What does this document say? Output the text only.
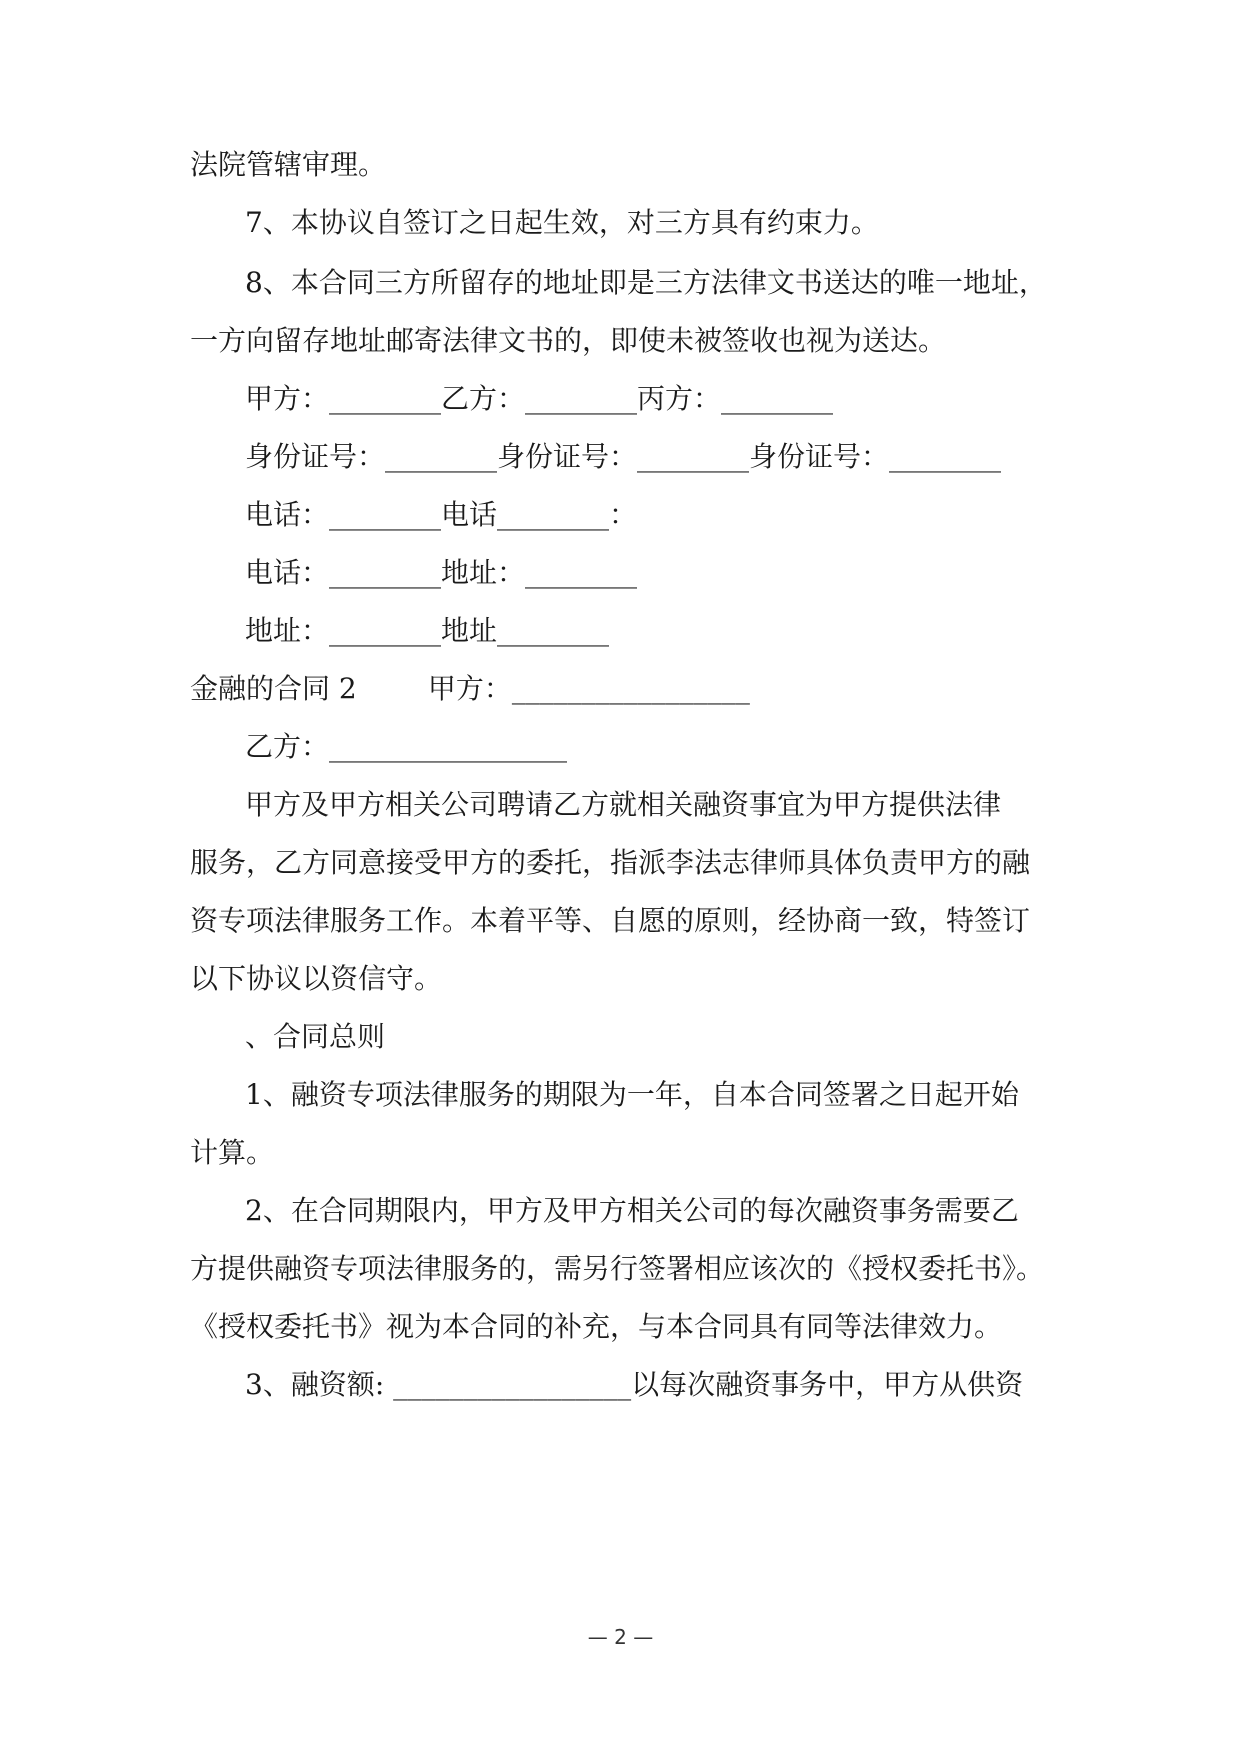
法院管辖审理。
7、本协议自签订之日起生效，对三方具有约束力。
8、本合同三方所留存的地址即是三方法律文书送达的唯一地址，
一方向留存地址邮寄法律文书的，即使未被签收也视为送达。
甲方：________乙方：________丙方：________
身份证号：________身份证号：________身份证号：________
电话：________电话________：
电话：________地址：________
地址：________地址________
金融的合同 2        甲方：_________________
乙方：_________________
甲方及甲方相关公司聘请乙方就相关融资事宜为甲方提供法律
服务，乙方同意接受甲方的委托，指派李法志律师具体负责甲方的融
资专项法律服务工作。本着平等、自愿的原则，经协商一致，特签订
以下协议以资信守。
、合同总则
1、融资专项法律服务的期限为一年，自本合同签署之日起开始
计算。
2、在合同期限内，甲方及甲方相关公司的每次融资事务需要乙
方提供融资专项法律服务的，需另行签署相应该次的《授权委托书》。
《授权委托书》视为本合同的补充，与本合同具有同等法律效力。
3、融资额: _________________以每次融资事务中，甲方从供资
— 2 —
